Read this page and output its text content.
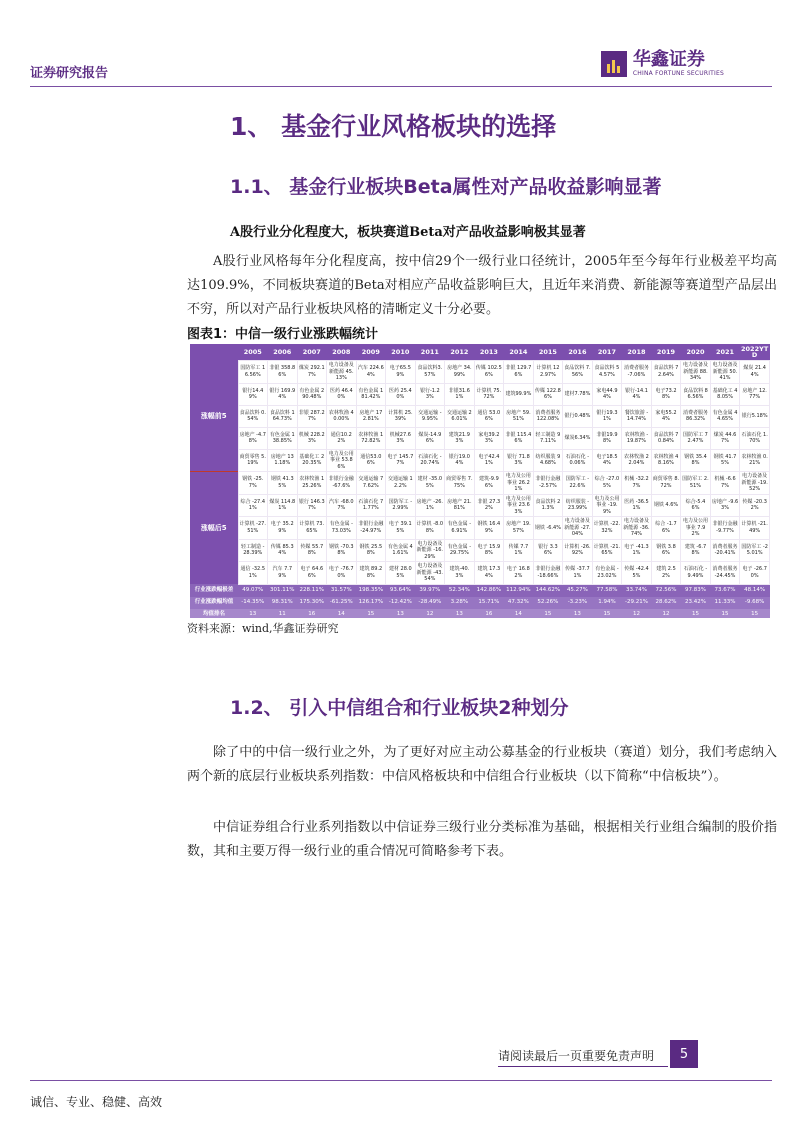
证券研究报告
华鑫证券
CHINA FORTUNE SECURITIES
1、 基金行业风格板块的选择
1.1、 基金行业板块Beta属性对产品收益影响显著
A股行业分化程度大，板块赛道Beta对产品收益影响极其显著
A股行业风格每年分化程度高，按中信29个一级行业口径统计，2005年至今每年行业极差平均高达109.9%，不同板块赛道的Beta对相应产品收益影响巨大，且近年来消费、新能源等赛道型产品层出不穷，所以对产品行业板块风格的清晰定义十分必要。
图表1：中信一级行业涨跌幅统计
	2005	2006	2007	2008	2009	2010	2011	2012	2013	2014	2015	2016	2017	2018	2019	2020	2021	2022YTD
涨幅前5	国防军工 16.56%	非银 358.86%	煤炭 292.17%	电力设备及新能源 45.13%	汽车 224.64%	电子65.59%	食品饮料3.57%	房地产 34.99%	传媒 102.56%	非银 129.76%	计算机 122.97%	食品饮料 7.56%	食品饮料 54.57%	消费者服务 -7.06%	食品饮料 72.64%	电力设备及新能源 88.34%	电力设备及新能源 50.41%	煤炭 21.44%
	银行14.49%	银行 169.94%	有色金属 290.48%	医药 46.40%	有色金属 181.42%	医药 25.40%	银行-1.23%	非银31.61%	计算机 75.72%	建筑99.9%	传媒 122.86%	建材7.78%	家电44.94%	银行-14.14%	电子73.28%	食品饮料 86.56%	基础化工 48.05%	房地产 12.77%
	食品饮料 0.54%	食品饮料 164.73%	非银 287.27%	农林牧渔 40.00%	房地产 172.81%	计算机 25.39%	交通运输 -9.95%	交通运输 26.01%	通信 53.06%	房地产 59.51%	消费者服务 122.08%	银行0.48%	银行19.31%	餐饮旅游 -14.74%	家电55.24%	消费者服务 86.32%	有色金属 44.65%	银行5.18%
	房地产 -4.78%	有色金属 138.85%	机械 228.23%	通信10.22%	农林牧渔 172.82%	机械27.63%	煤炭-14.96%	建筑21.93%	家电39.23%	非银 115.46%	轻工制造 97.11%	煤炭6.34%	非银19.98%	农林牧渔 -19.87%	食品饮料 70.84%	国防军工 72.47%	煤炭 44.67%	石油石化 1.70%
	商贸零售 5.19%	房地产 131.18%	基础化工 220.35%	电力及公用事业 53.86%	通信53.06%	电子 145.77%	石油石化 -20.74%	银行19.04%	电子42.41%	银行 71.83%	纺织服装 94.68%	石油石化 -0.06%	电子18.54%	农林牧渔 22.04%	农林牧渔 48.16%	钢铁 35.48%	钢铁 41.75%	农林牧渔 0.21%
涨幅后5	钢铁 -25.7%	钢铁 41.35%	农林牧渔 125.26%	非银行金融 -67.6%	交通运输 77.62%	交通运输 12.2%	建材 -35.05%	商贸零售 7.75%	建筑-9.96%	电力及公用事业 26.21%	非银行金融 -2.57%	国防军工 -22.6%	综合 -27.05%	机械 -32.27%	商贸零售 8.72%	国防军工 2.51%	机械 -6.67%	电力设备及新能源 -19.52%
	综合 -27.41%	煤炭 114.81%	银行 146.37%	汽车 -68.07%	石油石化 71.77%	国防军工 -2.99%	房地产 -26.1%	房地产 21.81%	非银 27.32%	电力及公用事业 23.63%	食品饮料 21.3%	纺织服装 -23.99%	电力及公用事业 -19.9%	医药 -36.51%	钢铁 4.6%	综合-5.46%	房地产 -9.63%	传媒 -20.32%
	计算机 -27.51%	电子 35.29%	计算机 73.65%	有色金属 -73.03%	非银行金融 -24.97%	电子 39.15%	计算机 -8.08%	有色金属 -6.91%	钢铁 16.49%	房地产 19.57%	钢铁 -6.4%	电力设备及新能源 -27.04%	计算机 -22.32%	电力设备及新能源 -36.74%	综合 -1.76%	电力及公用事业 7.92%	非银行金融 -9.77%	计算机 -21.49%
	轻工制造 -28.39%	传媒 85.34%	传媒 55.78%	钢铁 -70.38%	钢铁 25.58%	有色金属 41.61%	电力设备及新能源 -16.29%	有色金属 -29.75%	电子 15.98%	传媒 7.71%	银行 3.36%	计算机 -26.92%	计算机 -21.65%	电子 -41.31%	钢铁 3.86%	建筑 -6.78%	消费者服务 -20.41%	国防军工 -25.01%
	通信 -32.51%	汽车 7.79%	电子 64.66%	电子 -76.70%	建筑 89.28%	建材 28.05%	电力设备及新能源 -43.54%	建筑-40.3%	建筑 17.34%	电子 16.82%	非银行金融 -18.66%	传媒 -37.71%	有色金属 -23.02%	传媒 -42.45%	建筑 2.52%	石油石化 -9.49%	消费者服务 -24.45%	电子 -26.70%
行业涨跌幅极差	49.07%	301.11%	228.11%	31.57%	198.35%	93.64%	39.97%	52.34%	142.86%	112.94%	144.62%	45.27%	77.58%	33.74%	72.56%	97.83%	73.67%	48.14%
行业涨跌幅均值	-14.35%	98.31%	175.30%	-61.25%	126.17%	-12.42%	-28.49%	3.28%	15.71%	47.32%	52.26%	-3.23%	1.94%	-29.21%	28.62%	23.42%	11.33%	-9.68%
均值排名	13	11	16	14	15	13	12	13	16	14	15	13	15	12	12	15	15	15
资料来源：wind,华鑫证券研究
1.2、 引入中信组合和行业板块2种划分
除了中的中信一级行业之外，为了更好对应主动公募基金的行业板块（赛道）划分，我们考虑纳入两个新的底层行业板块系列指数：中信风格板块和中信组合行业板块（以下简称“中信板块”）。
中信证券组合行业系列指数以中信证券三级行业分类标准为基础，根据相关行业组合编制的股价指数，其和主要万得一级行业的重合情况可简略参考下表。
请阅读最后一页重要免责声明	5
诚信、专业、稳健、高效
